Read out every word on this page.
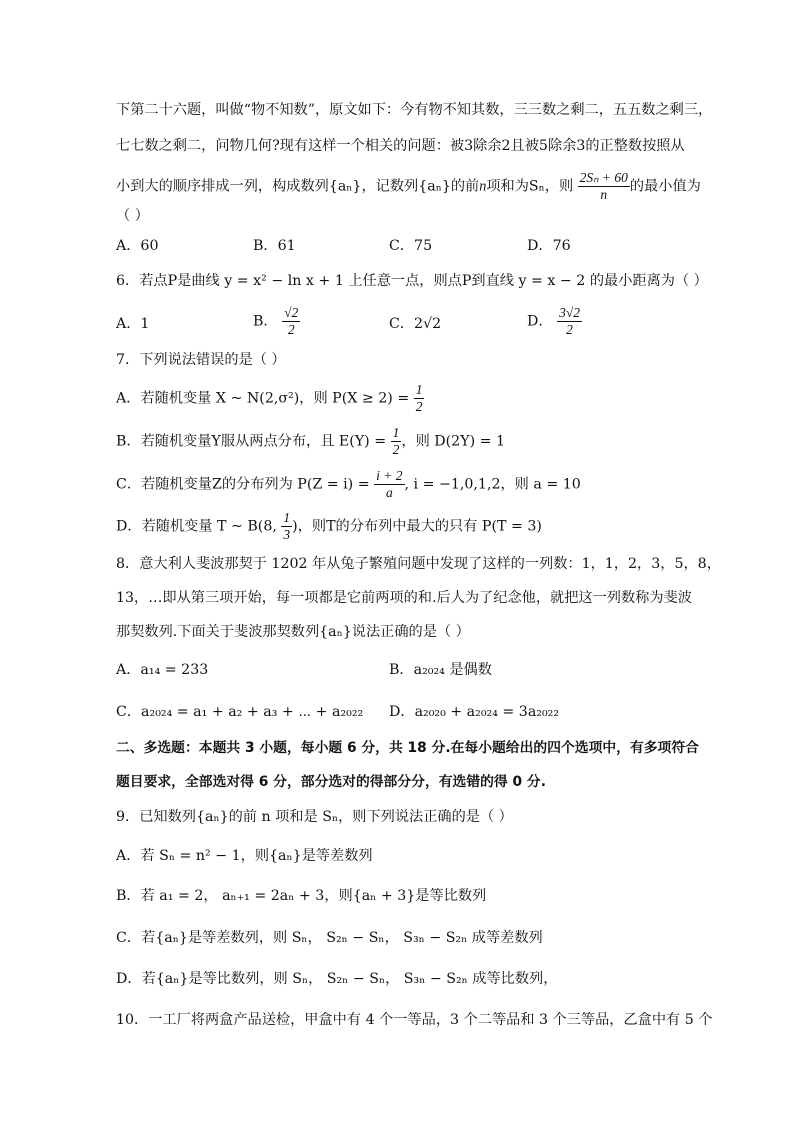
下第二十六题，叫做“物不知数”，原文如下：今有物不知其数，三三数之剩二，五五数之剩三，
七七数之剩二，问物几何?现有这样一个相关的问题：被3除余2且被5除余3的正整数按照从
小到大的顺序排成一列，构成数列{aₙ}，记数列{aₙ}的前n项和为Sₙ，则 $\frac{\text{2Sₙ + 60}}{n}$ 的最小值为
（ ）
A．60	B．61	C．75	D．76
6．若点P是曲线 y = x² − ln x + 1 上任意一点，则点P到直线 y = x − 2 的最小距离为（ ）
A．1	B． $\frac{√2}{2}$	C．2√2	D． $\frac{3√2}{2}$
7．下列说法错误的是（ ）
A．若随机变量 X ~ N(2,σ²)，则 $P(X \ge 2) = \frac{1}{2}$
B．若随机变量Y服从两点分布，且 $E(Y) = \frac{1}{2}$ ，则 D(2Y) = 1
C．若随机变量Z的分布列为 $P(Z = i) = \frac{i + 2}{a}$ , i = −1,0,1,2，则 a = 10
D．若随机变量 T ~ B(8, $\frac{1}{3}$ )，则T的分布列中最大的只有 P(T = 3)
8．意大利人斐波那契于 1202 年从兔子繁殖问题中发现了这样的一列数：1，1，2，3，5，8，
13，…即从第三项开始，每一项都是它前两项的和.后人为了纪念他，就把这一列数称为斐波
那契数列.下面关于斐波那契数列{aₙ}说法正确的是（ ）
A．a₁₄ = 233	B．a₂₀₂₄ 是偶数
C．a₂₀₂₄ = a₁ + a₂ + a₃ + ⋯ + a₂₀₂₂ D．a₂₀₂₀ + a₂₀₂₄ = 3a₂₀₂₂
二、多选题：本题共 3 小题，每小题 6 分，共 18 分.在每小题给出的四个选项中，有多项符合
题目要求，全部选对得 6 分，部分选对的得部分分，有选错的得 0 分.
9．已知数列{aₙ}的前 n 项和是 Sₙ，则下列说法正确的是（ ）
A．若 Sₙ = n² − 1，则{aₙ}是等差数列
B．若 a₁ = 2， aₙ₊₁ = 2aₙ + 3，则{aₙ + 3}是等比数列
C．若{aₙ}是等差数列，则 Sₙ， S₂ₙ − Sₙ， S₃ₙ − S₂ₙ 成等差数列
D．若{aₙ}是等比数列，则 Sₙ， S₂ₙ − Sₙ， S₃ₙ − S₂ₙ 成等比数列，
10．一工厂将两盒产品送检，甲盒中有 4 个一等品，3 个二等品和 3 个三等品，乙盒中有 5 个
